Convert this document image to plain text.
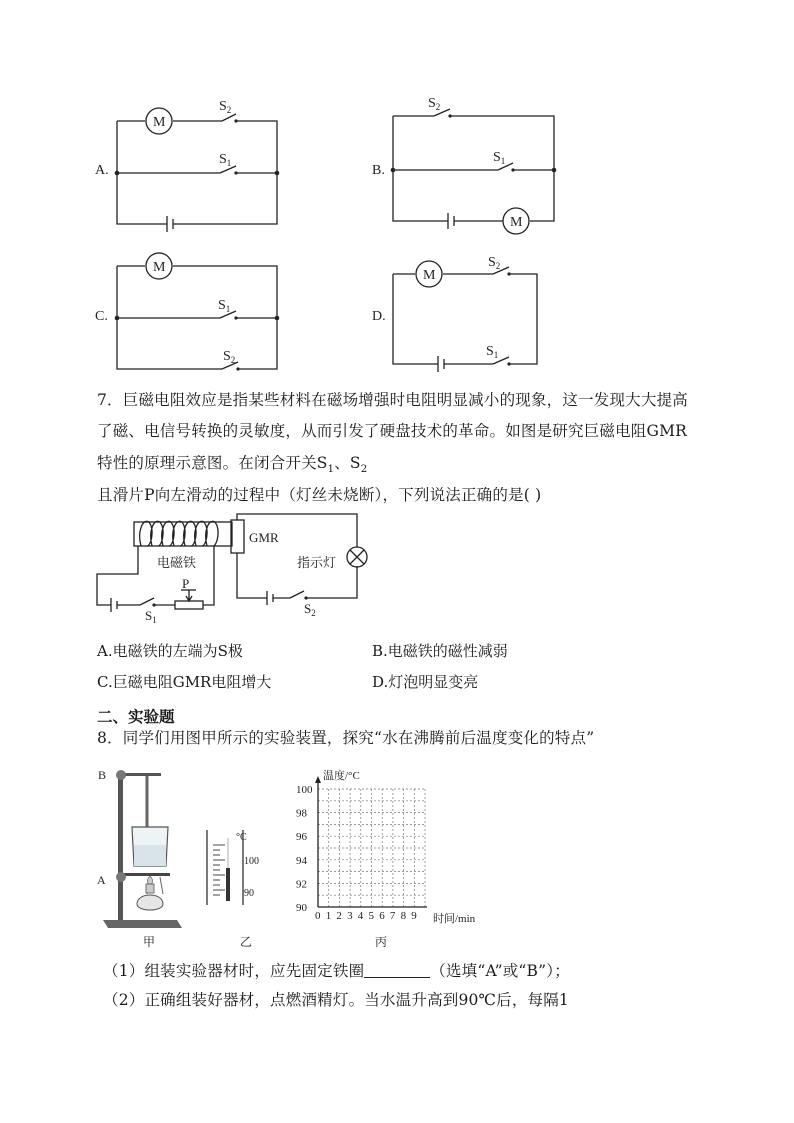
A.
M
$S_2$
$S_1$	B.
$S_2$
$S_1$
M
C.
M
$S_1$
$S_2$
D.
M
$S_2$
$S_1$
7．巨磁电阻效应是指某些材料在磁场增强时电阻明显减小的现象，这一发现大大提高
了磁、电信号转换的灵敏度，从而引发了硬盘技术的革命。如图是研究巨磁电阻GMR
特性的原理示意图。在闭合开关$S_1$、$S_2$
且滑片P向左滑动的过程中（灯丝未烧断），下列说法正确的是( )
电磁铁
$S_1$
P
GMR
指示灯
$S_2$
A.电磁铁的左端为S极	B.电磁铁的磁性减弱
C.巨磁电阻GMR电阻增大	D.灯泡明显变亮
二、实验题
8．同学们用图甲所示的实验装置，探究“水在沸腾前后温度变化的特点”
B
A
甲
°C
100
90
乙
温度/°C
时间/min
100
98
96
94
92
90
0 1 2 3 4 5 6 7 8 9
丙
（1）组装实验器材时，应先固定铁圈	（选填“A”或“B”）；
（2）正确组装好器材，点燃酒精灯。当水温升高到90℃后，每隔1
